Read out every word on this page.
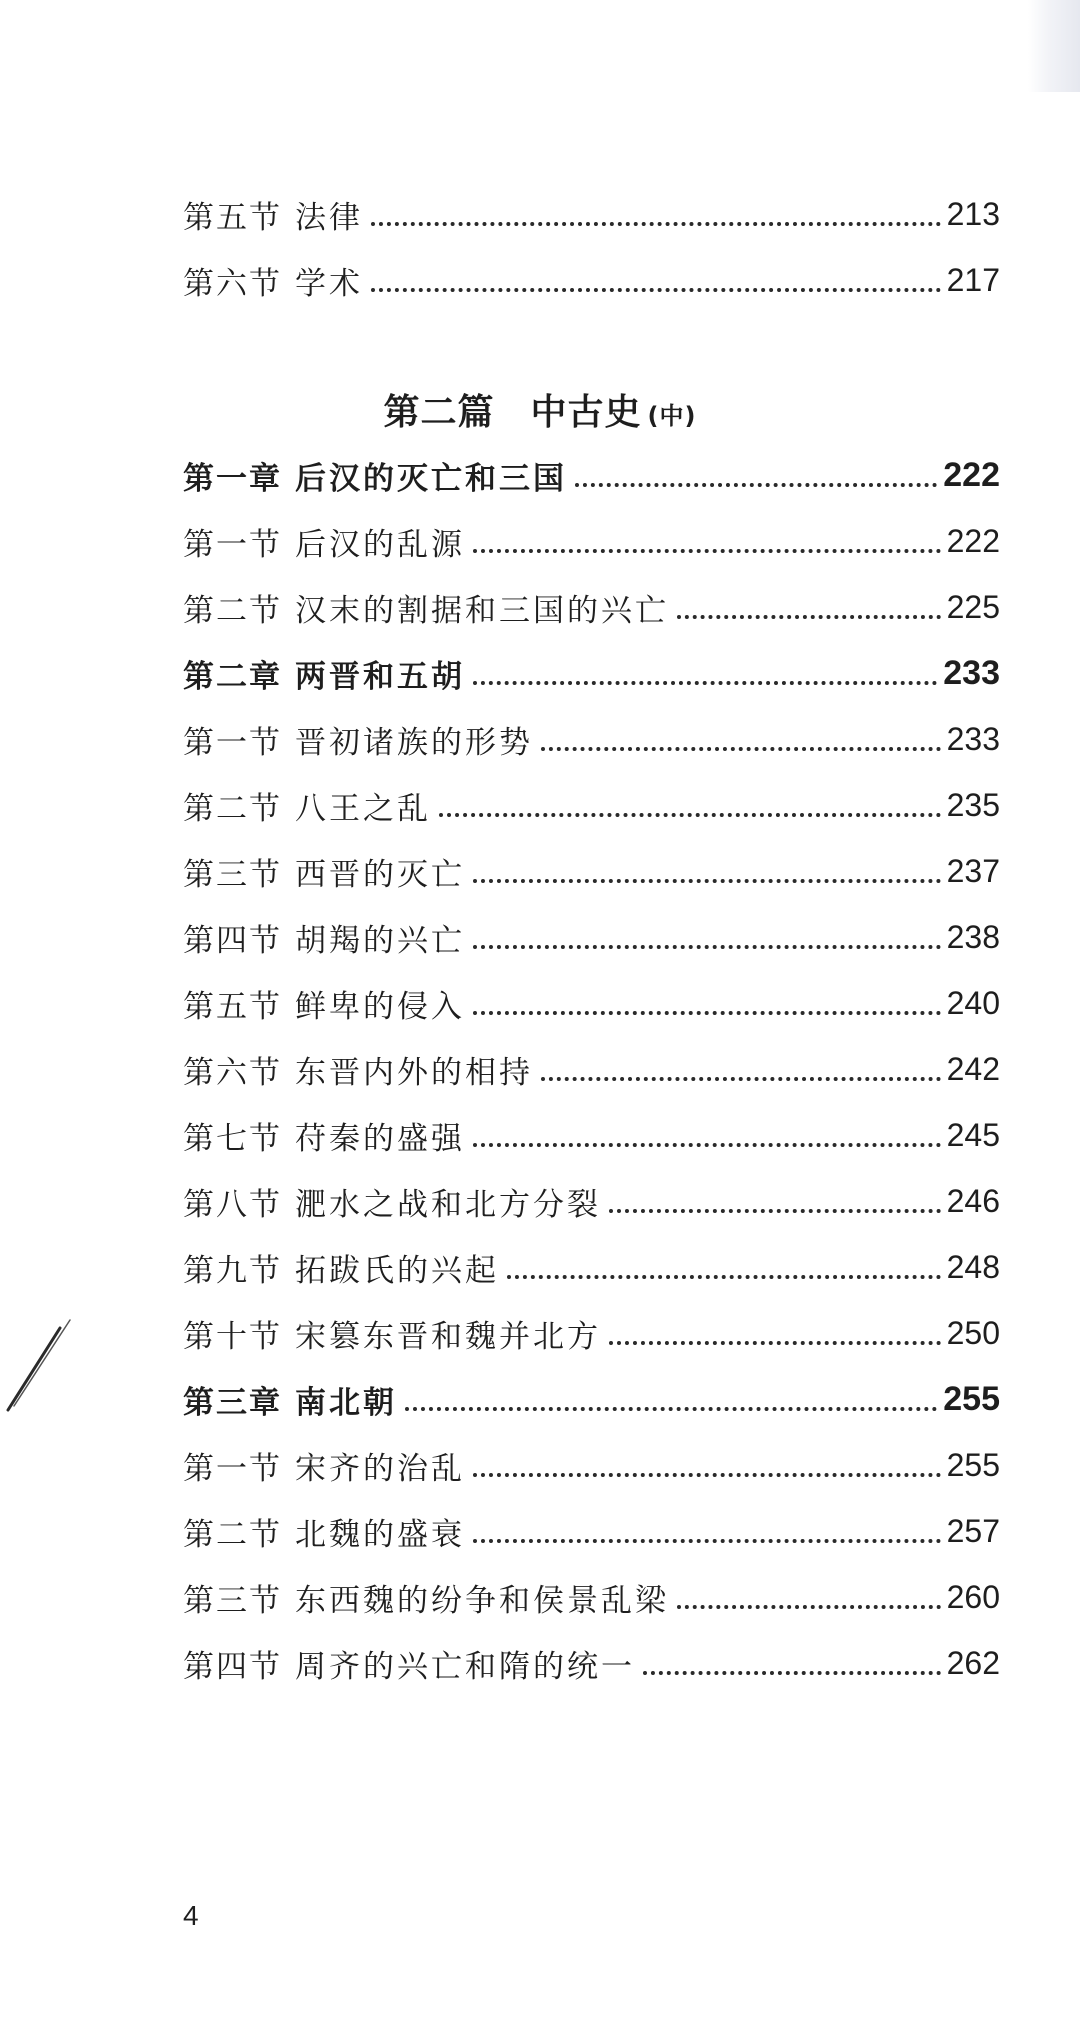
第五节 法律	213
第六节 学术	217
第二篇 中古史 (中)
第一章 后汉的灭亡和三国	222
第一节 后汉的乱源	222
第二节 汉末的割据和三国的兴亡	225
第二章 两晋和五胡	233
第一节 晋初诸族的形势	233
第二节 八王之乱	235
第三节 西晋的灭亡	237
第四节 胡羯的兴亡	238
第五节 鲜卑的侵入	240
第六节 东晋内外的相持	242
第七节 苻秦的盛强	245
第八节 淝水之战和北方分裂	246
第九节 拓跋氏的兴起	248
第十节 宋篡东晋和魏并北方	250
第三章 南北朝	255
第一节 宋齐的治乱	255
第二节 北魏的盛衰	257
第三节 东西魏的纷争和侯景乱梁	260
第四节 周齐的兴亡和隋的统一	262
4
